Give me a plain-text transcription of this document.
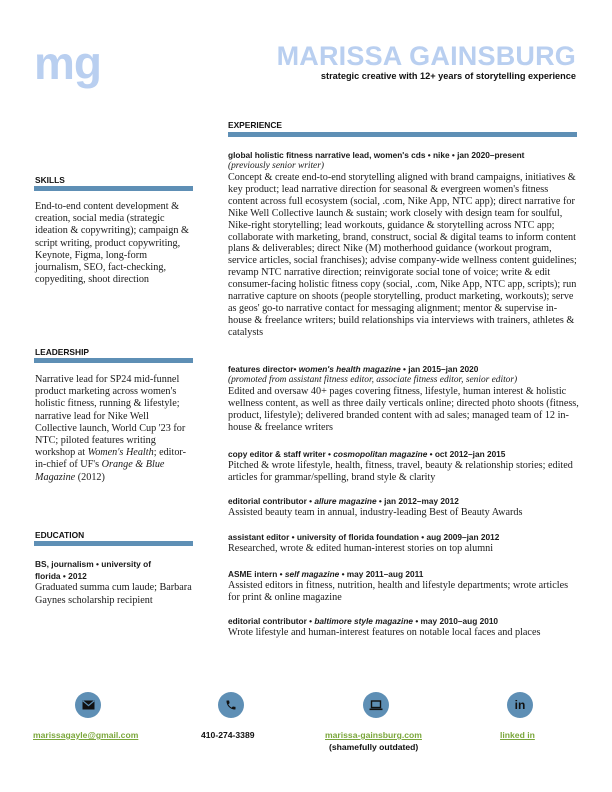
mg	MARISSA GAINSBURG
strategic creative with 12+ years of storytelling experience
SKILLS
End-to-end content development & creation, social media (strategic ideation & copywriting); campaign & script writing, product copywriting, Keynote, Figma, long-form journalism, SEO, fact-checking, copyediting, shoot direction
LEADERSHIP
Narrative lead for SP24 mid-funnel product marketing across women's holistic fitness, running & lifestyle; narrative lead for Nike Well Collective launch, World Cup '23 for NTC; piloted features writing workshop at Women's Health; editor-in-chief of UF's Orange & Blue Magazine (2012)
EDUCATION
BS, journalism • university of
florida • 2012
Graduated summa cum laude; Barbara Gaynes scholarship recipient
EXPERIENCE
global holistic fitness narrative lead, women's cds • nike • jan 2020–present
(previously senior writer)
Concept & create end-to-end storytelling aligned with brand campaigns, initiatives & key product; lead narrative direction for seasonal & evergreen women's fitness content across full ecosystem (social, .com, Nike App, NTC app); direct narrative for Nike Well Collective launch & sustain; work closely with design team for soulful, Nike-right storytelling; lead workouts, guidance & storytelling across NTC app; collaborate with marketing, brand, construct, social & digital teams to inform content plans & deliverables; direct Nike (M) motherhood guidance (workout program, service articles, social franchises); advise company-wide wellness content guidelines; revamp NTC narrative direction; reinvigorate social tone of voice; write & edit consumer-facing holistic fitness copy (social, .com, Nike App, NTC app, scripts); run narrative capture on shoots (people storytelling, product marketing, workouts); serve as geos' go-to narrative contact for messaging alignment; mentor & supervise in-house & freelance writers; build relationships via interviews with trainers, athletes & catalysts
features director• women's health magazine • jan 2015–jan 2020
(promoted from assistant fitness editor, associate fitness editor, senior editor)
Edited and oversaw 40+ pages covering fitness, lifestyle, human interest & holistic wellness content, as well as three daily verticals online; directed photo shoots (fitness, product, lifestyle); delivered branded content with ad sales; managed team of 12 in-house & freelance writers
copy editor & staff writer • cosmopolitan magazine • oct 2012–jan 2015
Pitched & wrote lifestyle, health, fitness, travel, beauty & relationship stories; edited articles for grammar/spelling, brand style & clarity
editorial contributor • allure magazine • jan 2012–may 2012
Assisted beauty team in annual, industry-leading Best of Beauty Awards
assistant editor • university of florida foundation • aug 2009–jan 2012
Researched, wrote & edited human-interest stories on top alumni
ASME intern • self magazine • may 2011–aug 2011
Assisted editors in fitness, nutrition, health and lifestyle departments; wrote articles for print & online magazine
editorial contributor • baltimore style magazine • may 2010–aug 2010
Wrote lifestyle and human-interest features on notable local faces and places
in
marissagayle@gmail.com	410-274-3389	marissa-gainsburg.com
(shamefully outdated)
linked in
